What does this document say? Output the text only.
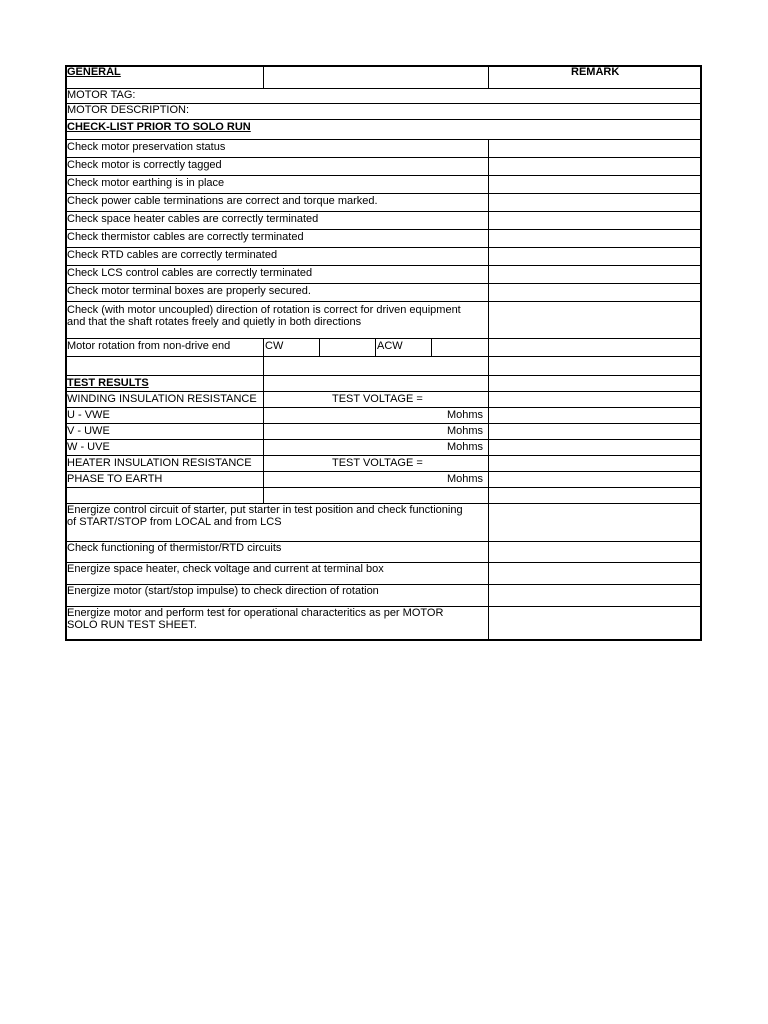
GENERAL	REMARK
MOTOR TAG:
MOTOR DESCRIPTION:
CHECK-LIST PRIOR TO SOLO RUN
Check motor preservation status
Check motor is correctly tagged
Check motor earthing is in place
Check power cable terminations are correct and torque marked.
Check space heater cables are correctly terminated
Check thermistor cables are correctly terminated
Check RTD cables are correctly terminated
Check LCS control cables are correctly terminated
Check motor terminal boxes are properly secured.
Check (with motor uncoupled) direction of rotation is correct for driven equipment and that the shaft rotates freely and quietly in both directions
Motor rotation from non-drive end	CW	ACW
TEST RESULTS
WINDING INSULATION RESISTANCE	TEST VOLTAGE =
U - VWE	Mohms
V - UWE	Mohms
W - UVE	Mohms
HEATER INSULATION RESISTANCE	TEST VOLTAGE =
PHASE TO EARTH	Mohms
Energize control circuit of starter, put starter in test position and check functioning of START/STOP from LOCAL and from LCS
Check functioning of thermistor/RTD circuits
Energize space heater, check voltage and current at terminal box
Energize motor (start/stop impulse) to check direction of rotation
Energize motor and perform test for operational characteritics as per MOTOR SOLO RUN TEST SHEET.
